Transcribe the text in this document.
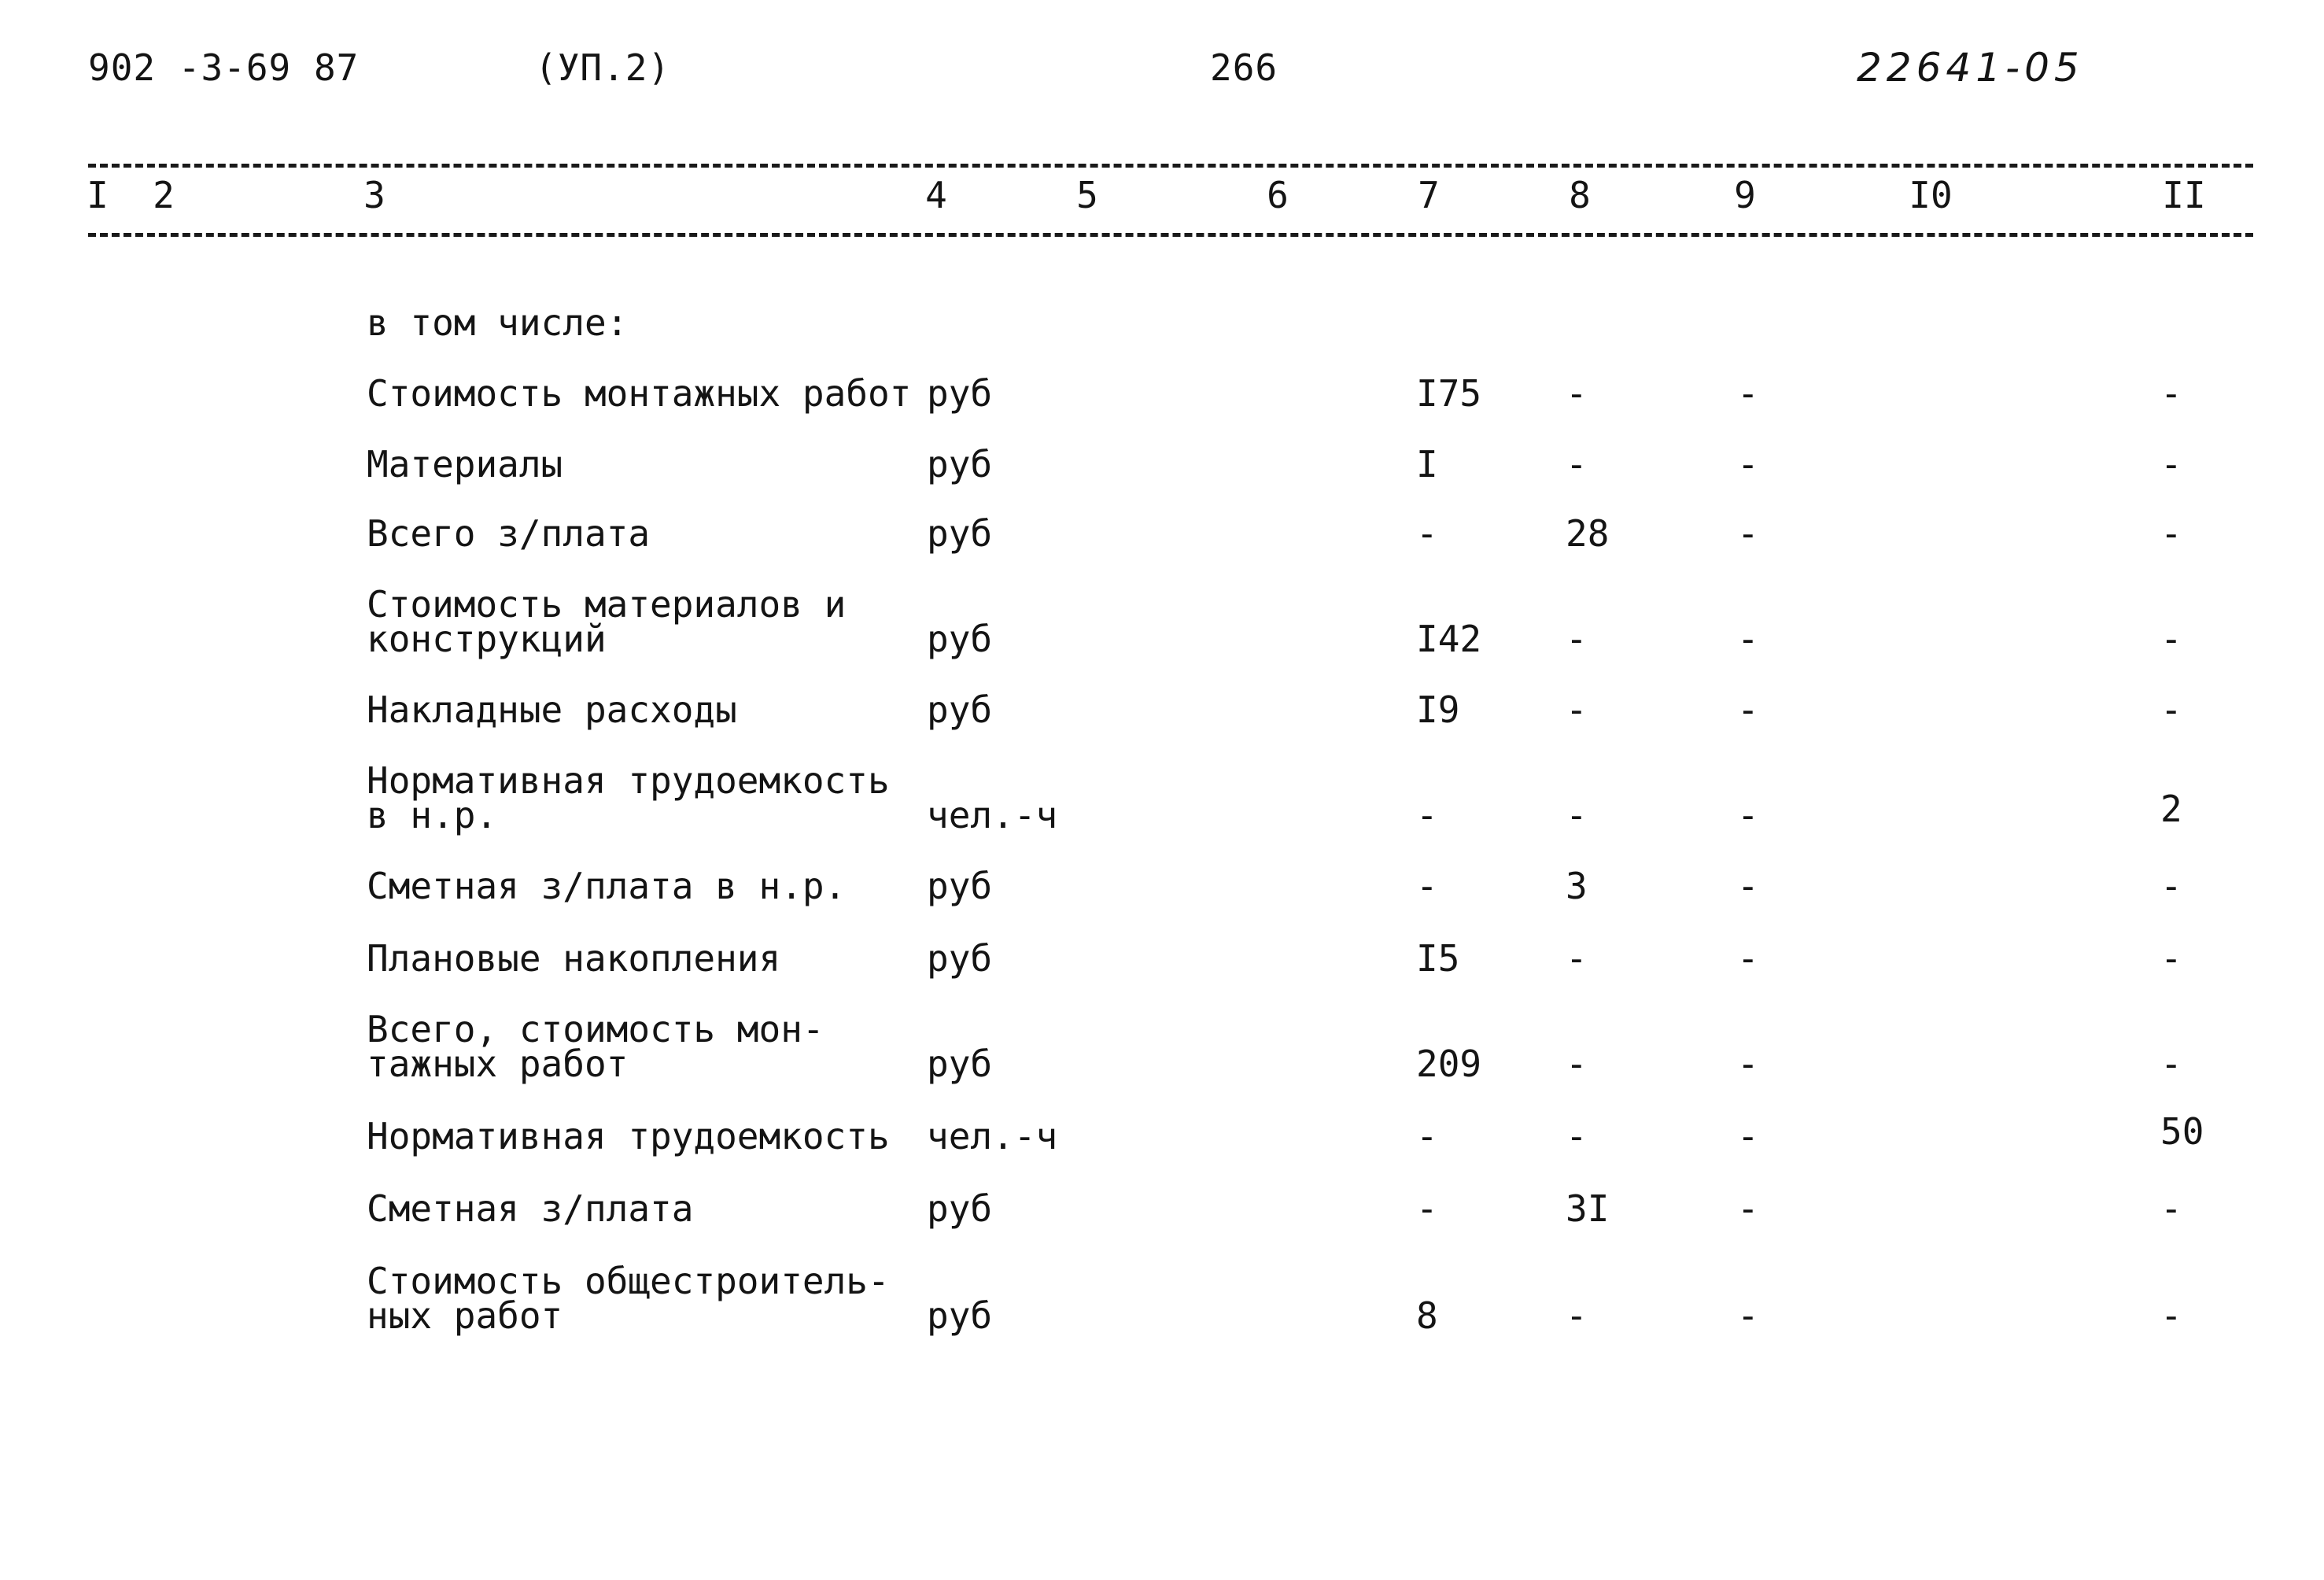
902 -3-69 87	(УП.2)	266	22641-05
I 2	3	4	5	6	7	8	9	I0	II
в том числе:
Стоимость монтажных работ руб	I75 -	-	-
Материалы	руб	I	-	-	-
Всего з/плата	руб	-	28	-	-
Стоимость материалов и
конструкций	руб	I42 -	-	-
Накладные расходы	руб	I9	-	-	-
Нормативная трудоемкость
в н.р.	чел.-ч	-	-	-	2
Сметная з/плата в н.р. руб	-	3	-	-
Плановые накопления	руб	I5	-	-	-
Всего, стоимость мон-
тажных работ	руб	209 -	-	-
Нормативная трудоемкость чел.-ч	-	-	-	50
Сметная з/плата	руб	-	3I	-	-
Стоимость общестроитель-
ных работ	руб	8	-	-	-
